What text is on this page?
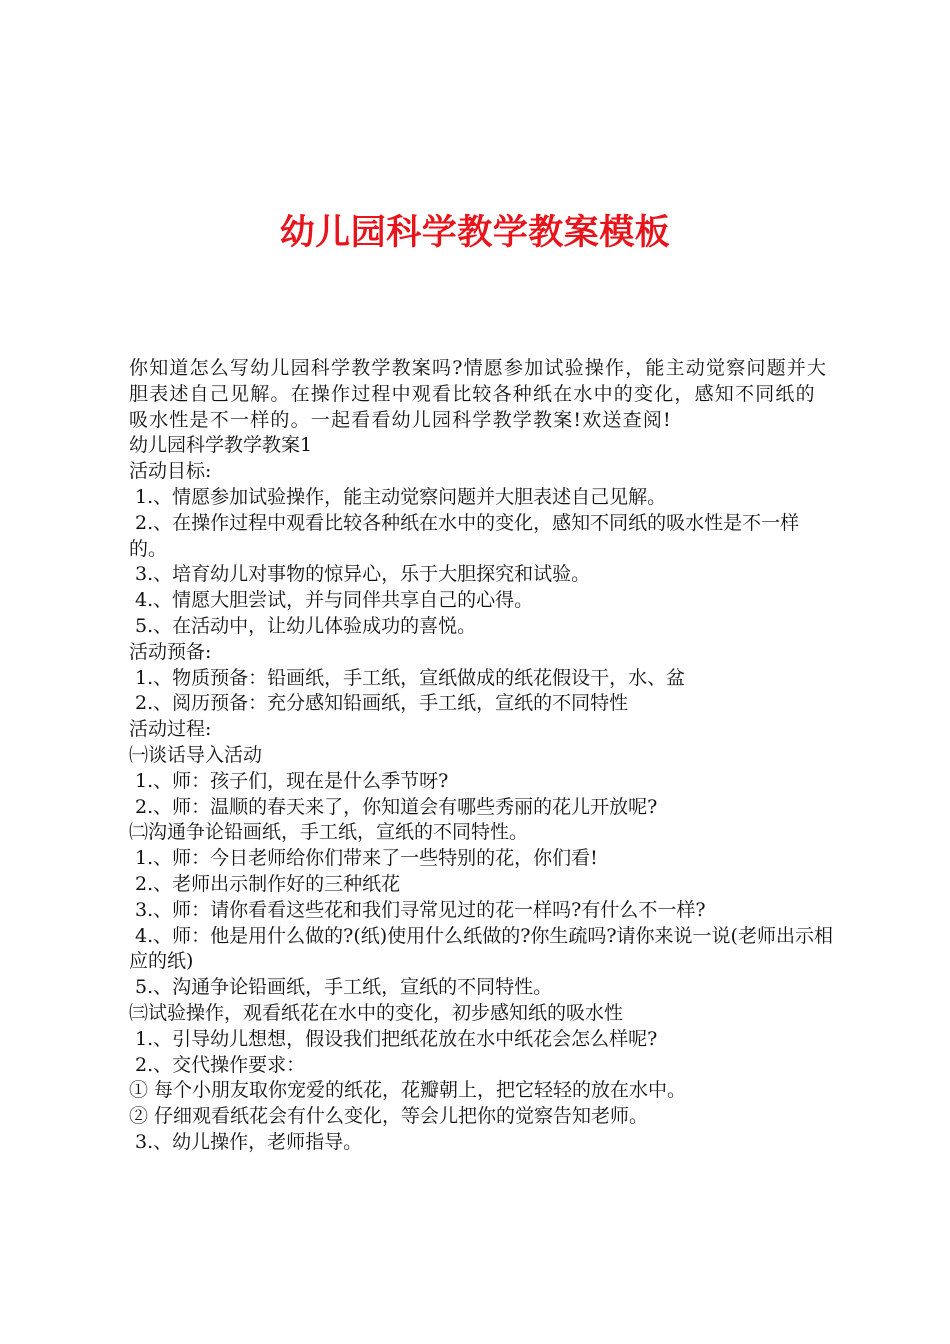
幼儿园科学教学教案模板

你知道怎么写幼儿园科学教学教案吗?情愿参加试验操作，能主动觉察问题并大胆表述自己见解。在操作过程中观看比较各种纸在水中的变化，感知不同纸的吸水性是不一样的。一起看看幼儿园科学教学教案!欢送查阅!

幼儿园科学教学教案1

活动目标:

1.、情愿参加试验操作，能主动觉察问题并大胆表述自己见解。

2.、在操作过程中观看比较各种纸在水中的变化，感知不同纸的吸水性是不一样的。

3.、培育幼儿对事物的惊异心，乐于大胆探究和试验。

4.、情愿大胆尝试，并与同伴共享自己的心得。

5.、在活动中，让幼儿体验成功的喜悦。

活动预备:

1.、物质预备：铅画纸，手工纸，宣纸做成的纸花假设干，水、盆

2.、阅历预备：充分感知铅画纸，手工纸，宣纸的不同特性

活动过程:

㈠谈话导入活动

1.、师：孩子们，现在是什么季节呀?

2.、师：温顺的春天来了，你知道会有哪些秀丽的花儿开放呢?

㈡沟通争论铅画纸，手工纸，宣纸的不同特性。

1.、师：今日老师给你们带来了一些特别的花，你们看!

2.、老师出示制作好的三种纸花

3.、师：请你看看这些花和我们寻常见过的花一样吗?有什么不一样?

4.、师：他是用什么做的?(纸)使用什么纸做的?你生疏吗?请你来说一说(老师出示相应的纸)

5.、沟通争论铅画纸，手工纸，宣纸的不同特性。

㈢试验操作，观看纸花在水中的变化，初步感知纸的吸水性

1.、引导幼儿想想，假设我们把纸花放在水中纸花会怎么样呢?

2.、交代操作要求：

① 每个小朋友取你宠爱的纸花，花瓣朝上，把它轻轻的放在水中。

② 仔细观看纸花会有什么变化，等会儿把你的觉察告知老师。

3.、幼儿操作，老师指导。
